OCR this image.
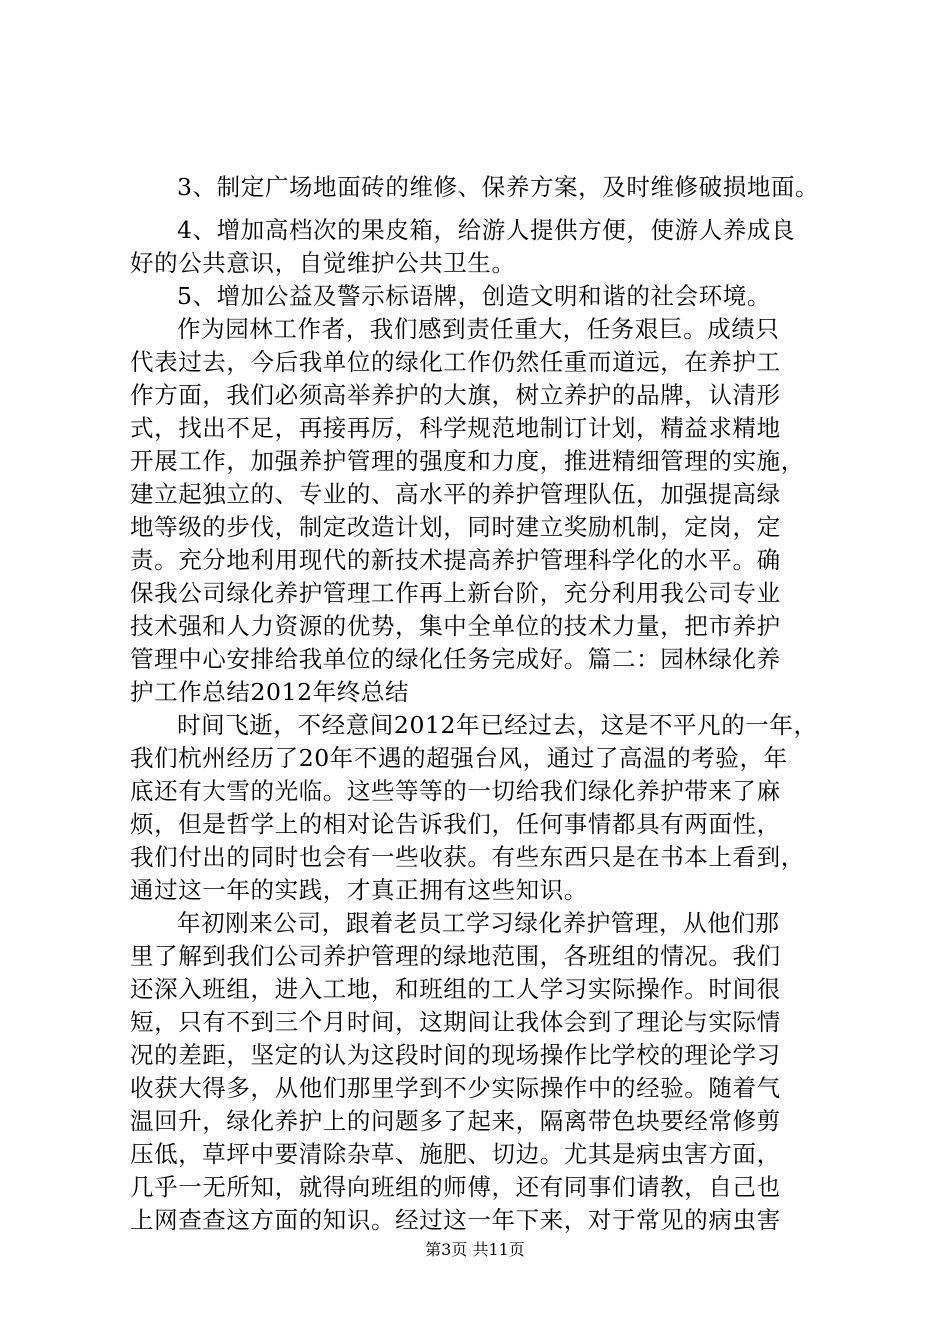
3、制定广场地面砖的维修、保养方案，及时维修破损地面。
4、增加高档次的果皮箱，给游人提供方便，使游人养成良
好的公共意识，自觉维护公共卫生。
5、增加公益及警示标语牌，创造文明和谐的社会环境。
作为园林工作者，我们感到责任重大，任务艰巨。成绩只
代表过去，今后我单位的绿化工作仍然任重而道远，在养护工
作方面，我们必须高举养护的大旗，树立养护的品牌，认清形
式，找出不足，再接再厉，科学规范地制订计划，精益求精地
开展工作，加强养护管理的强度和力度，推进精细管理的实施，
建立起独立的、专业的、高水平的养护管理队伍，加强提高绿
地等级的步伐，制定改造计划，同时建立奖励机制，定岗，定
责。充分地利用现代的新技术提高养护管理科学化的水平。确
保我公司绿化养护管理工作再上新台阶，充分利用我公司专业
技术强和人力资源的优势，集中全单位的技术力量，把市养护
管理中心安排给我单位的绿化任务完成好。篇二：园林绿化养
护工作总结2012年终总结
时间飞逝，不经意间2012年已经过去，这是不平凡的一年，
我们杭州经历了20年不遇的超强台风，通过了高温的考验，年
底还有大雪的光临。这些等等的一切给我们绿化养护带来了麻
烦，但是哲学上的相对论告诉我们，任何事情都具有两面性，
我们付出的同时也会有一些收获。有些东西只是在书本上看到，
通过这一年的实践，才真正拥有这些知识。
年初刚来公司，跟着老员工学习绿化养护管理，从他们那
里了解到我们公司养护管理的绿地范围，各班组的情况。我们
还深入班组，进入工地，和班组的工人学习实际操作。时间很
短，只有不到三个月时间，这期间让我体会到了理论与实际情
况的差距，坚定的认为这段时间的现场操作比学校的理论学习
收获大得多，从他们那里学到不少实际操作中的经验。随着气
温回升，绿化养护上的问题多了起来，隔离带色块要经常修剪
压低，草坪中要清除杂草、施肥、切边。尤其是病虫害方面，
几乎一无所知，就得向班组的师傅，还有同事们请教，自己也
上网查查这方面的知识。经过这一年下来，对于常见的病虫害
第3页 共11页
